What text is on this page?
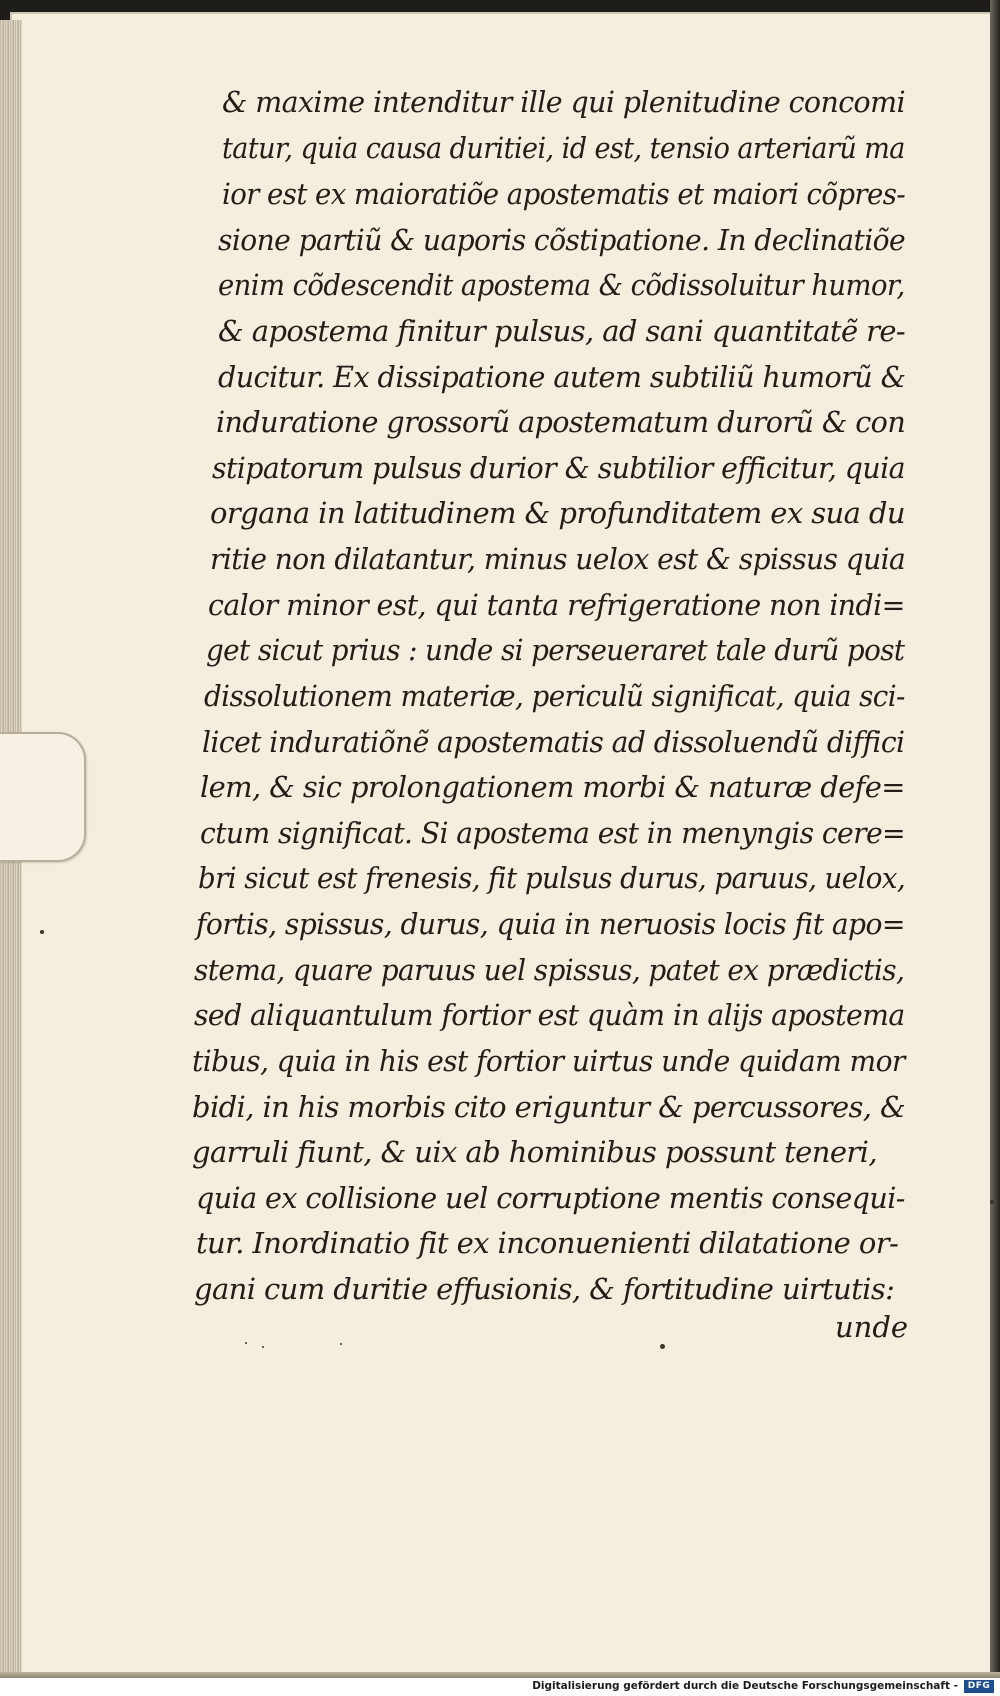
& maxime intenditur ille qui plenitudine concomi
tatur, quia causa duritiei, id est, tensio arteriarũ ma
ior est ex maioratiõe apostematis et maiori cõpres-
sione partiũ & uaporis cõstipatione. In declinatiõe
enim cõdescendit apostema & cõdissoluitur humor,
& apostema finitur pulsus, ad sani quantitatẽ re-
ducitur. Ex dissipatione autem subtiliũ humorũ &
induratione grossorũ apostematum durorũ & con
stipatorum pulsus durior & subtilior efficitur, quia
organa in latitudinem & profunditatem ex sua du
ritie non dilatantur, minus uelox est & spissus quia
calor minor est, qui tanta refrigeratione non indi=
get sicut prius : unde si perseueraret tale durũ post
dissolutionem materiæ, periculũ significat, quia sci-
licet induratiõnẽ apostematis ad dissoluendũ diffici
lem, & sic prolongationem morbi & naturæ defe=
ctum significat. Si apostema est in menyngis cere=
bri sicut est frenesis, fit pulsus durus, paruus, uelox,
fortis, spissus, durus, quia in neruosis locis fit apo=
stema, quare paruus uel spissus, patet ex prædictis,
sed aliquantulum fortior est quàm in alijs apostema
tibus, quia in his est fortior uirtus unde quidam mor
bidi, in his morbis cito eriguntur & percussores, &
garruli fiunt, & uix ab hominibus possunt teneri,
quia ex collisione uel corruptione mentis consequi-
tur. Inordinatio fit ex inconuenienti dilatatione or-
gani cum duritie effusionis, & fortitudine uirtutis:
unde
Digitalisierung gefördert durch die Deutsche Forschungsgemeinschaft -	DFG
